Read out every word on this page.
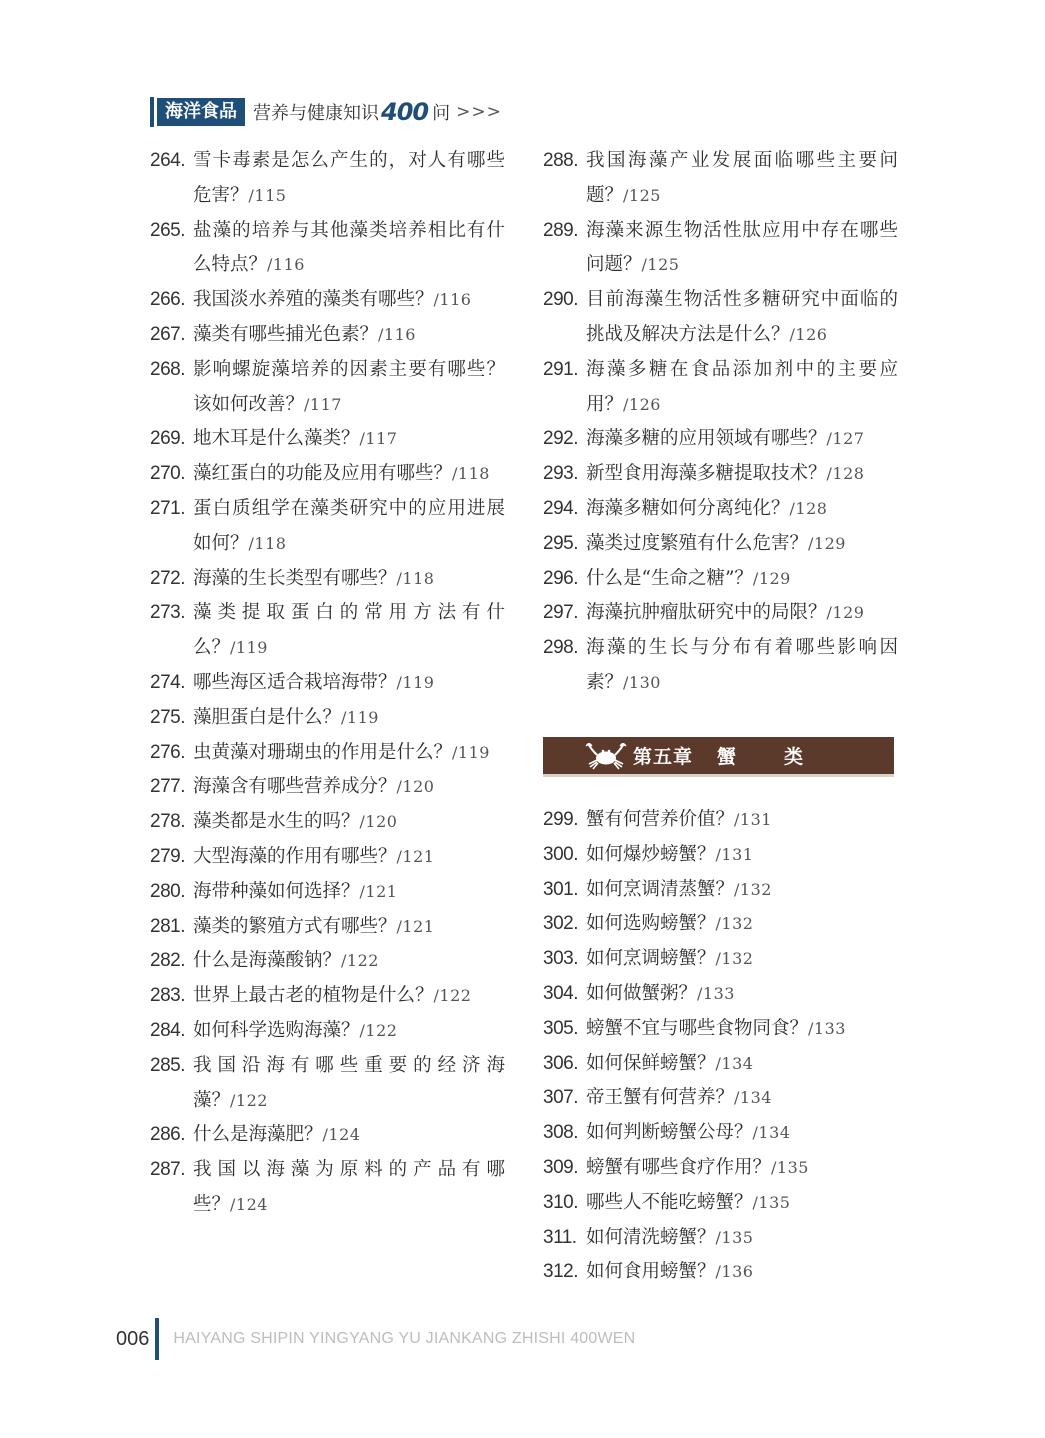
海洋食品 营养与健康知识 400 问 >>>
264. 雪卡毒素是怎么产生的，对人有哪些危害？/115
265. 盐藻的培养与其他藻类培养相比有什么特点？/116
266. 我国淡水养殖的藻类有哪些？/116
267. 藻类有哪些捕光色素？/116
268. 影响螺旋藻培养的因素主要有哪些？该如何改善？/117
269. 地木耳是什么藻类？/117
270. 藻红蛋白的功能及应用有哪些？/118
271. 蛋白质组学在藻类研究中的应用进展如何？/118
272. 海藻的生长类型有哪些？/118
273. 藻类提取蛋白的常用方法有什么？/119
274. 哪些海区适合栽培海带？/119
275. 藻胆蛋白是什么？/119
276. 虫黄藻对珊瑚虫的作用是什么？/119
277. 海藻含有哪些营养成分？/120
278. 藻类都是水生的吗？/120
279. 大型海藻的作用有哪些？/121
280. 海带种藻如何选择？/121
281. 藻类的繁殖方式有哪些？/121
282. 什么是海藻酸钠？/122
283. 世界上最古老的植物是什么？/122
284. 如何科学选购海藻？/122
285. 我国沿海有哪些重要的经济海藻？/122
286. 什么是海藻肥？/124
287. 我国以海藻为原料的产品有哪些？/124
288. 我国海藻产业发展面临哪些主要问题？/125
289. 海藻来源生物活性肽应用中存在哪些问题？/125
290. 目前海藻生物活性多糖研究中面临的挑战及解决方法是什么？/126
291. 海藻多糖在食品添加剂中的主要应用？/126
292. 海藻多糖的应用领域有哪些？/127
293. 新型食用海藻多糖提取技术？/128
294. 海藻多糖如何分离纯化？/128
295. 藻类过度繁殖有什么危害？/129
296. 什么是“生命之糖”？/129
297. 海藻抗肿瘤肽研究中的局限？/129
298. 海藻的生长与分布有着哪些影响因素？/130
第五章 蟹类
299. 蟹有何营养价值？/131
300. 如何爆炒螃蟹？/131
301. 如何烹调清蒸蟹？/132
302. 如何选购螃蟹？/132
303. 如何烹调螃蟹？/132
304. 如何做蟹粥？/133
305. 螃蟹不宜与哪些食物同食？/133
306. 如何保鲜螃蟹？/134
307. 帝王蟹有何营养？/134
308. 如何判断螃蟹公母？/134
309. 螃蟹有哪些食疗作用？/135
310. 哪些人不能吃螃蟹？/135
311. 如何清洗螃蟹？/135
312. 如何食用螃蟹？/136
006 HAIYANG SHIPIN YINGYANG YU JIANKANG ZHISHI 400WEN
